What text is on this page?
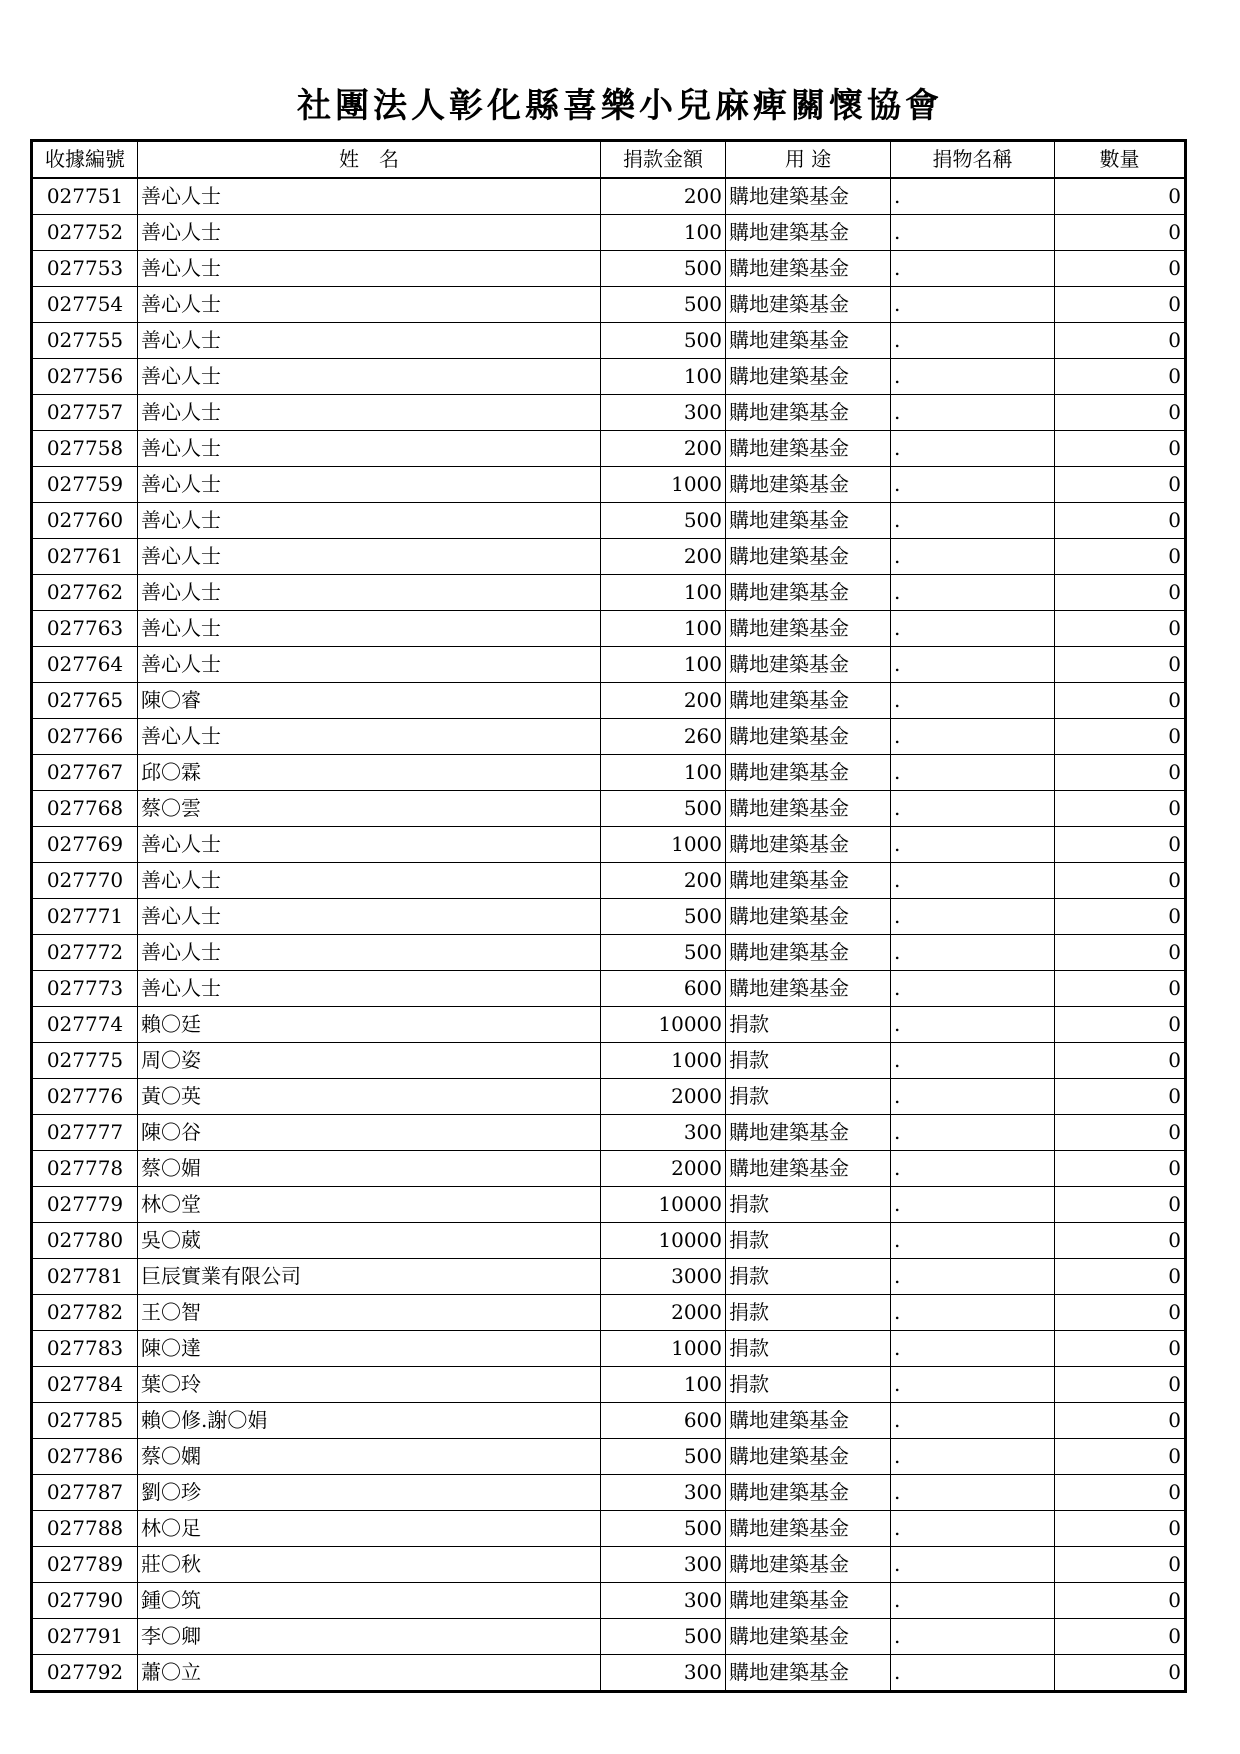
社團法人彰化縣喜樂小兒麻痺關懷協會
收據編號	姓　名	捐款金額	用 途	捐物名稱	數量
027751	善心人士	200	購地建築基金	.	0
027752	善心人士	100	購地建築基金	.	0
027753	善心人士	500	購地建築基金	.	0
027754	善心人士	500	購地建築基金	.	0
027755	善心人士	500	購地建築基金	.	0
027756	善心人士	100	購地建築基金	.	0
027757	善心人士	300	購地建築基金	.	0
027758	善心人士	200	購地建築基金	.	0
027759	善心人士	1000	購地建築基金	.	0
027760	善心人士	500	購地建築基金	.	0
027761	善心人士	200	購地建築基金	.	0
027762	善心人士	100	購地建築基金	.	0
027763	善心人士	100	購地建築基金	.	0
027764	善心人士	100	購地建築基金	.	0
027765	陳〇睿	200	購地建築基金	.	0
027766	善心人士	260	購地建築基金	.	0
027767	邱〇霖	100	購地建築基金	.	0
027768	蔡〇雲	500	購地建築基金	.	0
027769	善心人士	1000	購地建築基金	.	0
027770	善心人士	200	購地建築基金	.	0
027771	善心人士	500	購地建築基金	.	0
027772	善心人士	500	購地建築基金	.	0
027773	善心人士	600	購地建築基金	.	0
027774	賴〇廷	10000	捐款	.	0
027775	周〇姿	1000	捐款	.	0
027776	黃〇英	2000	捐款	.	0
027777	陳〇谷	300	購地建築基金	.	0
027778	蔡〇媚	2000	購地建築基金	.	0
027779	林〇堂	10000	捐款	.	0
027780	吳〇葳	10000	捐款	.	0
027781	巨辰實業有限公司	3000	捐款	.	0
027782	王〇智	2000	捐款	.	0
027783	陳〇達	1000	捐款	.	0
027784	葉〇玲	100	捐款	.	0
027785	賴〇修.謝〇娟	600	購地建築基金	.	0
027786	蔡〇嫻	500	購地建築基金	.	0
027787	劉〇珍	300	購地建築基金	.	0
027788	林〇足	500	購地建築基金	.	0
027789	莊〇秋	300	購地建築基金	.	0
027790	鍾〇筑	300	購地建築基金	.	0
027791	李〇卿	500	購地建築基金	.	0
027792	蕭〇立	300	購地建築基金	.	0
